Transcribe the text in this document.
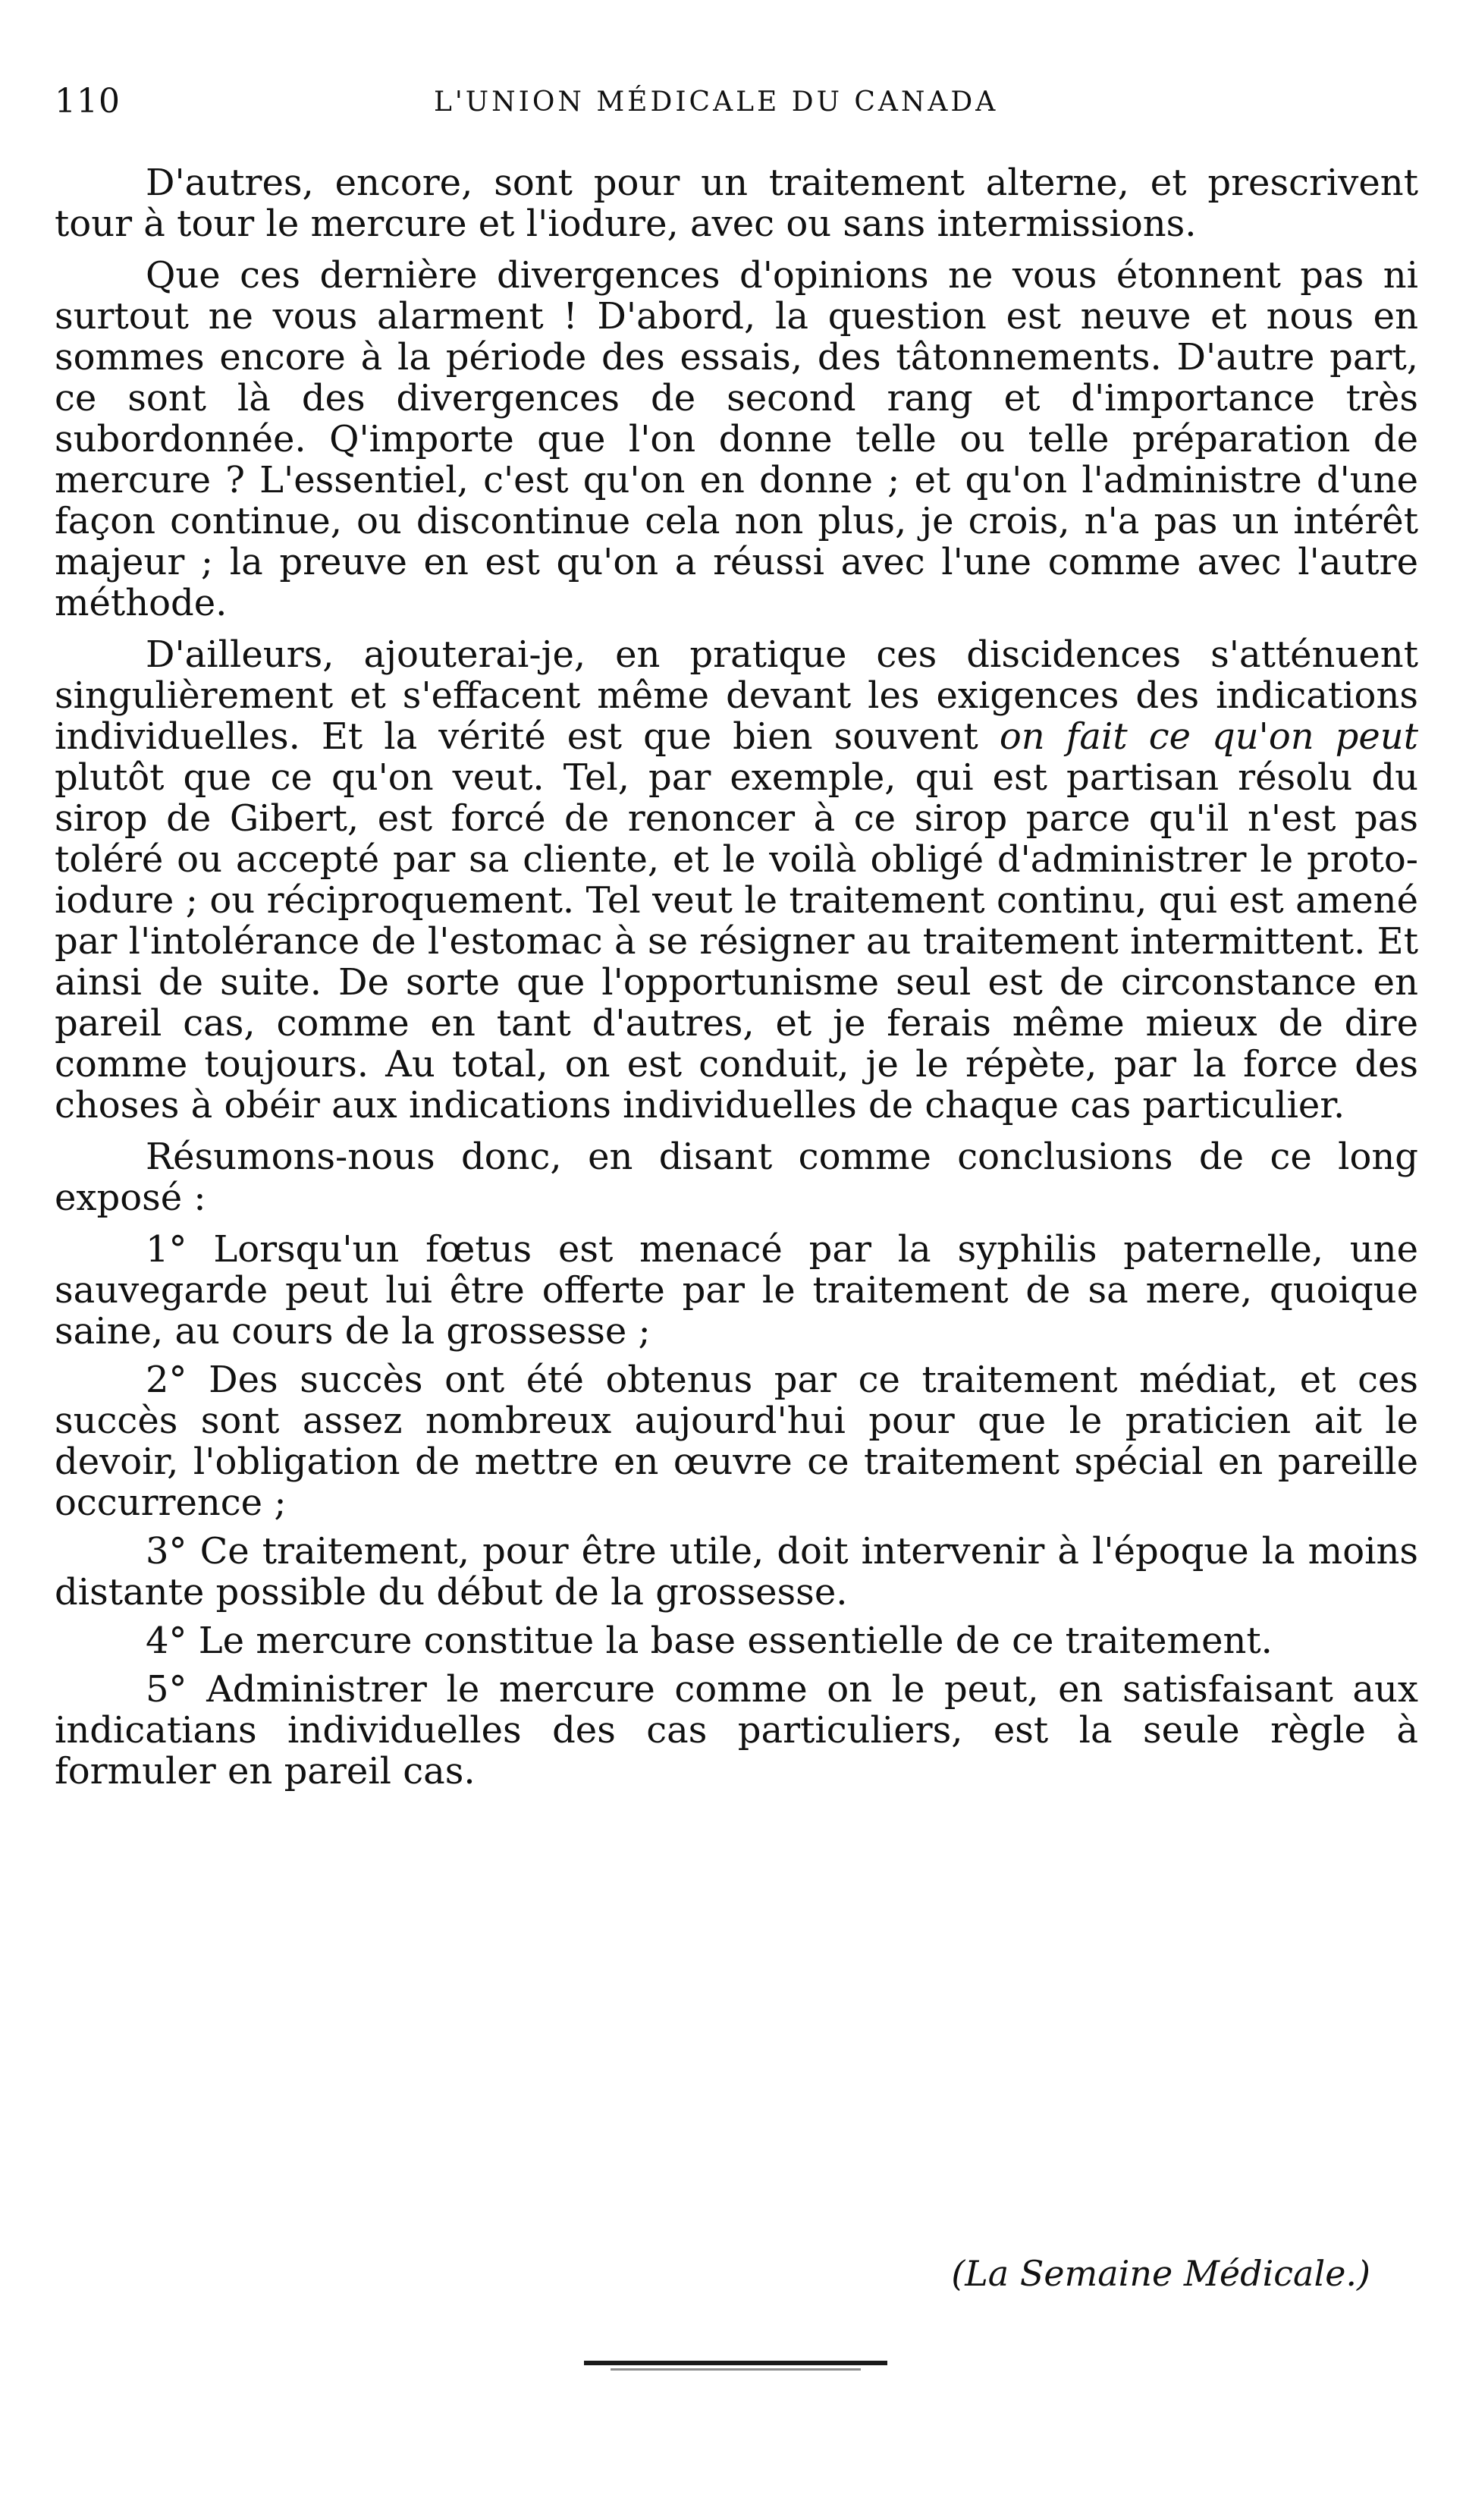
110	L'UNION MÉDICALE DU CANADA

D'autres, encore, sont pour un traitement alterne, et prescrivent tour à tour le mercure et l'iodure, avec ou sans intermissions.

Que ces dernière divergences d'opinions ne vous étonnent pas ni surtout ne vous alarment ! D'abord, la question est neuve et nous en sommes encore à la période des essais, des tâtonnements. D'autre part, ce sont là des divergences de second rang et d'importance très subordonnée. Q'importe que l'on donne telle ou telle préparation de mercure ? L'essentiel, c'est qu'on en donne ; et qu'on l'administre d'une façon continue, ou discontinue cela non plus, je crois, n'a pas un intérêt majeur ; la preuve en est qu'on a réussi avec l'une comme avec l'autre méthode.

D'ailleurs, ajouterai-je, en pratique ces discidences s'atténuent singulièrement et s'effacent même devant les exigences des indications individuelles. Et la vérité est que bien souvent on fait ce qu'on peut plutôt que ce qu'on veut. Tel, par exemple, qui est partisan résolu du sirop de Gibert, est forcé de renoncer à ce sirop parce qu'il n'est pas toléré ou accepté par sa cliente, et le voilà obligé d'administrer le proto-iodure ; ou réciproquement. Tel veut le traitement continu, qui est amené par l'intolérance de l'estomac à se résigner au traitement intermittent. Et ainsi de suite. De sorte que l'opportunisme seul est de circonstance en pareil cas, comme en tant d'autres, et je ferais même mieux de dire comme toujours. Au total, on est conduit, je le répète, par la force des choses à obéir aux indications individuelles de chaque cas particulier.

Résumons-nous donc, en disant comme conclusions de ce long exposé :

1° Lorsqu'un fœtus est menacé par la syphilis paternelle, une sauvegarde peut lui être offerte par le traitement de sa mere, quoique saine, au cours de la grossesse ;

2° Des succès ont été obtenus par ce traitement médiat, et ces succès sont assez nombreux aujourd'hui pour que le praticien ait le devoir, l'obligation de mettre en œuvre ce traitement spécial en pareille occurrence ;

3° Ce traitement, pour être utile, doit intervenir à l'époque la moins distante possible du début de la grossesse.

4° Le mercure constitue la base essentielle de ce traitement.

5° Administrer le mercure comme on le peut, en satisfaisant aux indicatians individuelles des cas particuliers, est la seule règle à formuler en pareil cas.

(La Semaine Médicale.)
